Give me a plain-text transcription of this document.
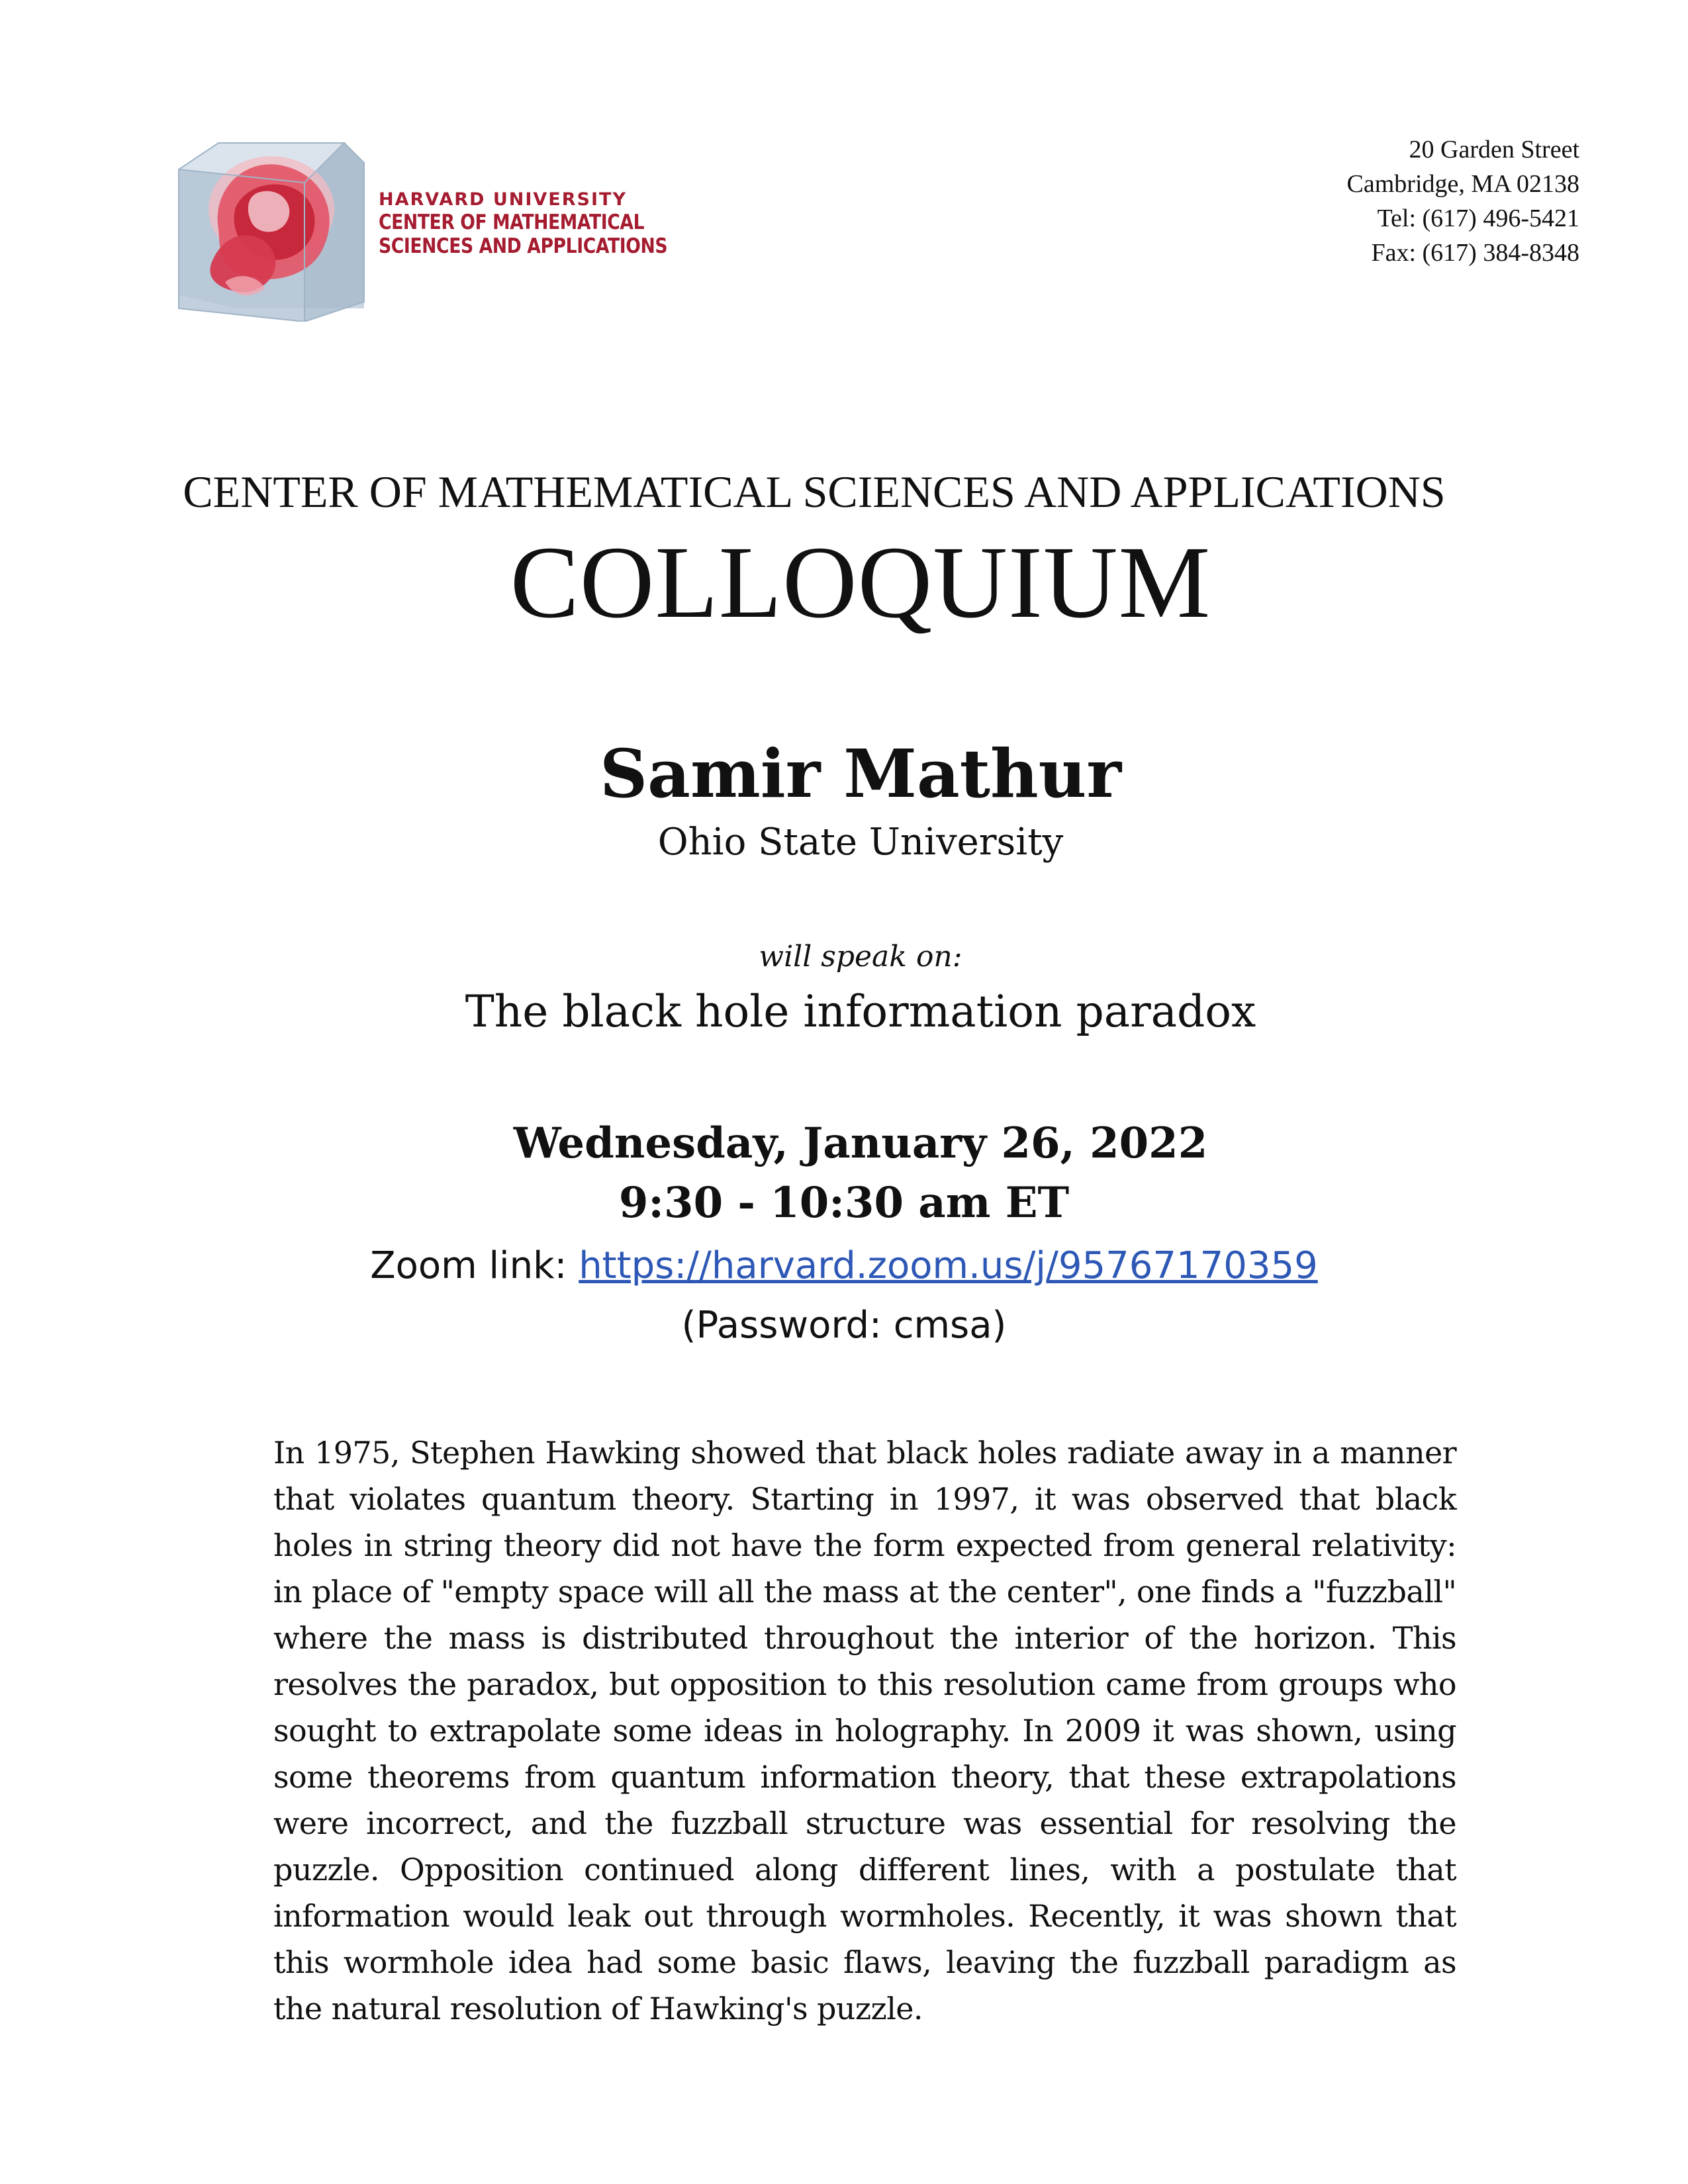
HARVARD UNIVERSITY
CENTER OF MATHEMATICAL
SCIENCES AND APPLICATIONS
20 Garden Street
Cambridge, MA 02138
Tel: (617) 496-5421
Fax: (617) 384-8348
CENTER OF MATHEMATICAL SCIENCES AND APPLICATIONS
COLLOQUIUM
Samir Mathur
Ohio State University
will speak on:
The black hole information paradox
Wednesday, January 26, 2022
9:30 - 10:30 am ET
Zoom link: https://harvard.zoom.us/j/95767170359
(Password: cmsa)
In 1975, Stephen Hawking showed that black holes radiate away in a manner that violates quantum theory. Starting in 1997, it was observed that black holes in string theory did not have the form expected from general relativity: in place of "empty space will all the mass at the center", one finds a "fuzzball" where the mass is distributed throughout the interior of the horizon. This resolves the paradox, but opposition to this resolution came from groups who sought to extrapolate some ideas in holography. In 2009 it was shown, using some theorems from quantum information theory, that these extrapolations were incorrect, and the fuzzball structure was essential for resolving the puzzle. Opposition continued along different lines, with a postulate that information would leak out through wormholes. Recently, it was shown that this wormhole idea had some basic flaws, leaving the fuzzball paradigm as the natural resolution of Hawking's puzzle.
